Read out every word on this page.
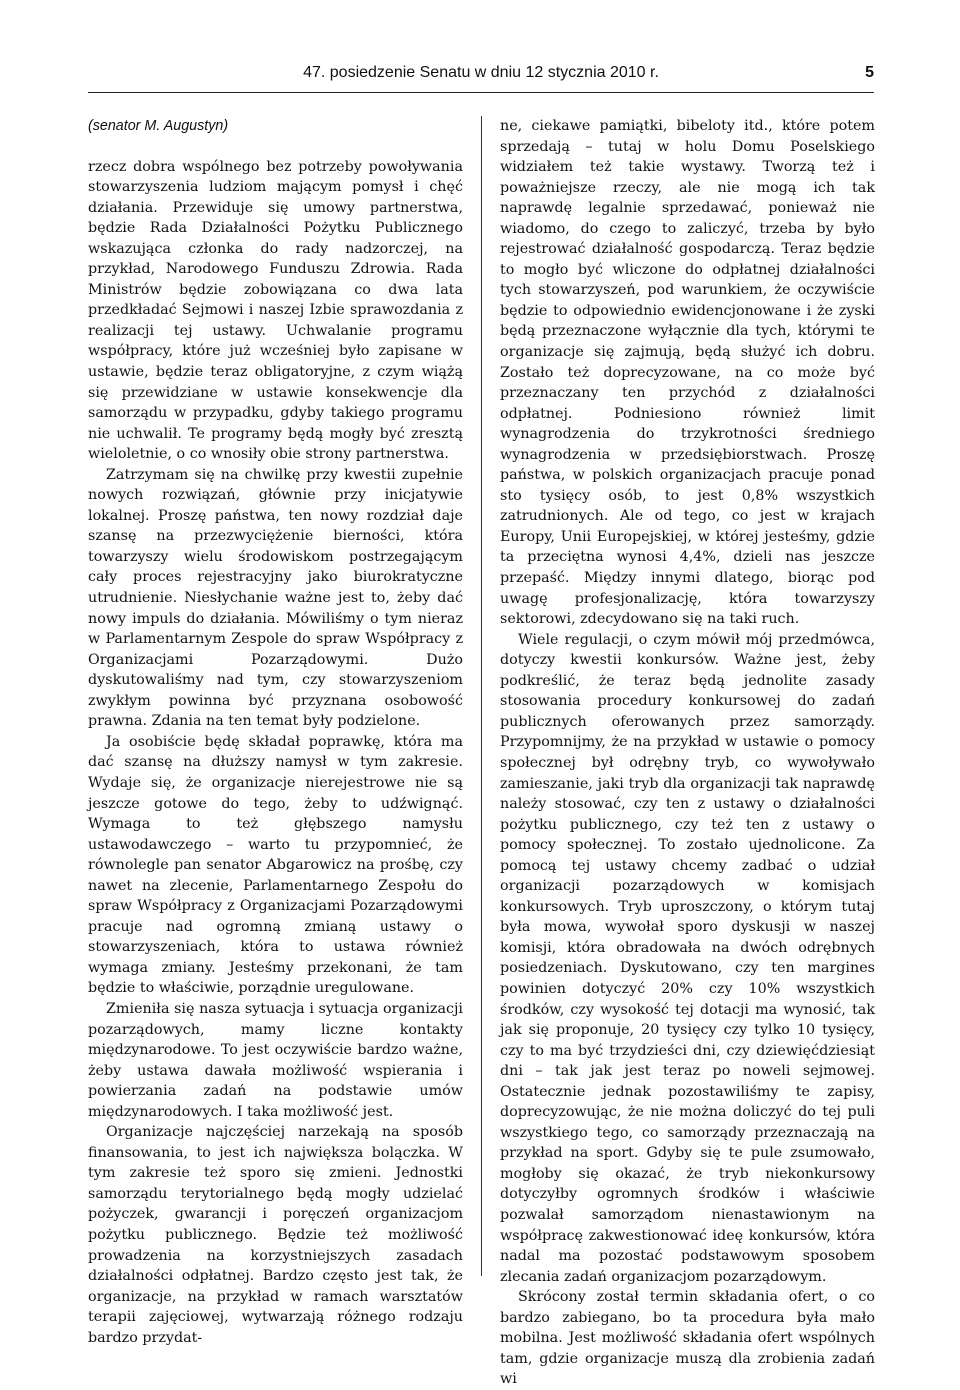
47. posiedzenie Senatu w dniu 12 stycznia 2010 r.	5

(senator M. Augustyn)

rzecz dobra wspólnego bez potrzeby powoływania stowarzyszenia ludziom mającym pomysł i chęć działania. Przewiduje się umowy partnerstwa, będzie Rada Działalności Pożytku Publicznego wskazująca członka do rady nadzorczej, na przykład, Narodowego Funduszu Zdrowia. Rada Ministrów będzie zobowiązana co dwa lata przedkładać Sejmowi i naszej Izbie sprawozdania z realizacji tej ustawy. Uchwalanie programu współpracy, które już wcześniej było zapisane w ustawie, będzie teraz obligatoryjne, z czym wiążą się przewidziane w ustawie konsekwencje dla samorządu w przypadku, gdyby takiego programu nie uchwalił. Te programy będą mogły być zresztą wieloletnie, o co wnosiły obie strony partnerstwa.

Zatrzymam się na chwilkę przy kwestii zupełnie nowych rozwiązań, głównie przy inicjatywie lokalnej. Proszę państwa, ten nowy rozdział daje szansę na przezwyciężenie bierności, która towarzyszy wielu środowiskom postrzegającym cały proces rejestracyjny jako biurokratyczne utrudnienie. Niesłychanie ważne jest to, żeby dać nowy impuls do działania. Mówiliśmy o tym nieraz w Parlamentarnym Zespole do spraw Współpracy z Organizacjami Pozarządowymi. Dużo dyskutowaliśmy nad tym, czy stowarzyszeniom zwykłym powinna być przyznana osobowość prawna. Zdania na ten temat były podzielone.

Ja osobiście będę składał poprawkę, która ma dać szansę na dłuższy namysł w tym zakresie. Wydaje się, że organizacje nierejestrowe nie są jeszcze gotowe do tego, żeby to udźwignąć. Wymaga to też głębszego namysłu ustawodawczego – warto tu przypomnieć, że równolegle pan senator Abgarowicz na prośbę, czy nawet na zlecenie, Parlamentarnego Zespołu do spraw Współpracy z Organizacjami Pozarządowymi pracuje nad ogromną zmianą ustawy o stowarzyszeniach, która to ustawa również wymaga zmiany. Jesteśmy przekonani, że tam będzie to właściwie, porządnie uregulowane.

Zmieniła się nasza sytuacja i sytuacja organizacji pozarządowych, mamy liczne kontakty międzynarodowe. To jest oczywiście bardzo ważne, żeby ustawa dawała możliwość wspierania i powierzania zadań na podstawie umów międzynarodowych. I taka możliwość jest.

Organizacje najczęściej narzekają na sposób finansowania, to jest ich największa bolączka. W tym zakresie też sporo się zmieni. Jednostki samorządu terytorialnego będą mogły udzielać pożyczek, gwarancji i poręczeń organizacjom pożytku publicznego. Będzie też możliwość prowadzenia na korzystniejszych zasadach działalności odpłatnej. Bardzo często jest tak, że organizacje, na przykład w ramach warsztatów terapii zajęciowej, wytwarzają różnego rodzaju bardzo przydat-

ne, ciekawe pamiątki, bibeloty itd., które potem sprzedają – tutaj w holu Domu Poselskiego widziałem też takie wystawy. Tworzą też i poważniejsze rzeczy, ale nie mogą ich tak naprawdę legalnie sprzedawać, ponieważ nie wiadomo, do czego to zaliczyć, trzeba by było rejestrować działalność gospodarczą. Teraz będzie to mogło być wliczone do odpłatnej działalności tych stowarzyszeń, pod warunkiem, że oczywiście będzie to odpowiednio ewidencjonowane i że zyski będą przeznaczone wyłącznie dla tych, którymi te organizacje się zajmują, będą służyć ich dobru. Zostało też doprecyzowane, na co może być przeznaczany ten przychód z działalności odpłatnej. Podniesiono również limit wynagrodzenia do trzykrotności średniego wynagrodzenia w przedsiębiorstwach. Proszę państwa, w polskich organizacjach pracuje ponad sto tysięcy osób, to jest 0,8% wszystkich zatrudnionych. Ale od tego, co jest w krajach Europy, Unii Europejskiej, w której jesteśmy, gdzie ta przeciętna wynosi 4,4%, dzieli nas jeszcze przepaść. Między innymi dlatego, biorąc pod uwagę profesjonalizację, która towarzyszy sektorowi, zdecydowano się na taki ruch.

Wiele regulacji, o czym mówił mój przedmówca, dotyczy kwestii konkursów. Ważne jest, żeby podkreślić, że teraz będą jednolite zasady stosowania procedury konkursowej do zadań publicznych oferowanych przez samorządy. Przypomnijmy, że na przykład w ustawie o pomocy społecznej był odrębny tryb, co wywoływało zamieszanie, jaki tryb dla organizacji tak naprawdę należy stosować, czy ten z ustawy o działalności pożytku publicznego, czy też ten z ustawy o pomocy społecznej. To zostało ujednolicone. Za pomocą tej ustawy chcemy zadbać o udział organizacji pozarządowych w komisjach konkursowych. Tryb uproszczony, o którym tutaj była mowa, wywołał sporo dyskusji w naszej komisji, która obradowała na dwóch odrębnych posiedzeniach. Dyskutowano, czy ten margines powinien dotyczyć 20% czy 10% wszystkich środków, czy wysokość tej dotacji ma wynosić, tak jak się proponuje, 20 tysięcy czy tylko 10 tysięcy, czy to ma być trzydzieści dni, czy dziewięćdziesiąt dni – tak jak jest teraz po noweli sejmowej. Ostatecznie jednak pozostawiliśmy te zapisy, doprecyzowując, że nie można doliczyć do tej puli wszystkiego tego, co samorządy przeznaczają na przykład na sport. Gdyby się te pule zsumowało, mogłoby się okazać, że tryb niekonkursowy dotyczyłby ogromnych środków i właściwie pozwalał samorządom nienastawionym na współpracę zakwestionować ideę konkursów, która nadal ma pozostać podstawowym sposobem zlecania zadań organizacjom pozarządowym.

Skrócony został termin składania ofert, o co bardzo zabiegano, bo ta procedura była mało mobilna. Jest możliwość składania ofert wspólnych tam, gdzie organizacje muszą dla zrobienia zadań wi
